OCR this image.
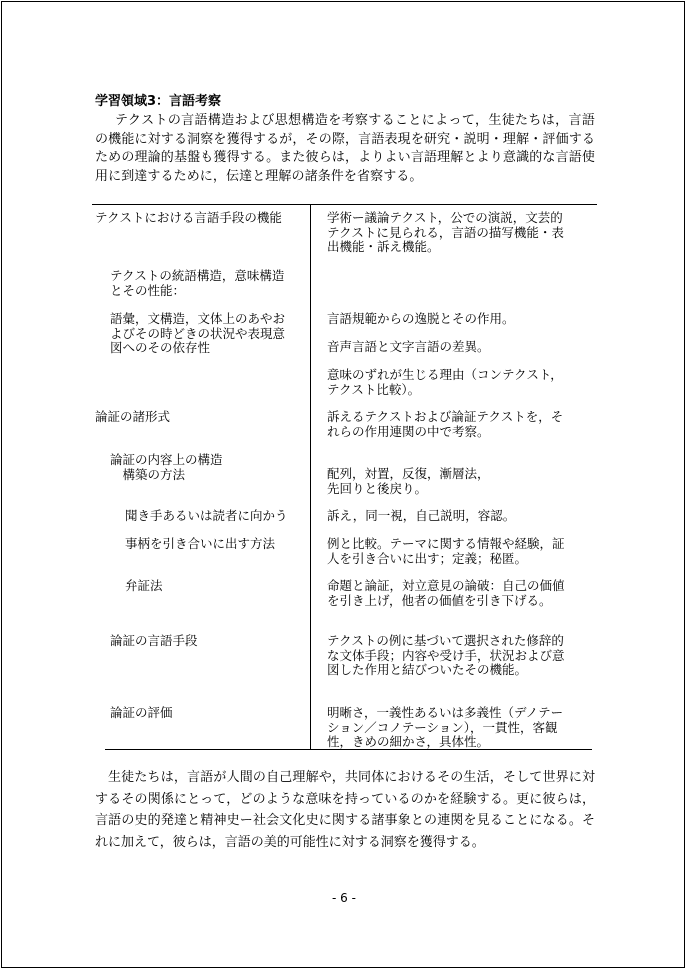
学習領域3：言語考察
テクストの言語構造および思想構造を考察することによって，生徒たちは，言語の機能に対する洞察を獲得するが，その際，言語表現を研究・説明・理解・評価するための理論的基盤も獲得する。また彼らは，よりよい言語理解とより意識的な言語使用に到達するために，伝達と理解の諸条件を省察する。
テクストにおける言語手段の機能
テクストの統語構造，意味構造
とその性能：
語彙，文構造，文体上のあやお
よびその時どきの状況や表現意
図へのその依存性
論証の諸形式
論証の内容上の構造
　構築の方法
聞き手あるいは読者に向かう
事柄を引き合いに出す方法
弁証法
論証の言語手段
論証の評価
学術ー議論テクスト，公での演説，文芸的
テクストに見られる，言語の描写機能・表
出機能・訴え機能。
言語規範からの逸脱とその作用。
音声言語と文字言語の差異。
意味のずれが生じる理由（コンテクスト，
テクスト比較）。
訴えるテクストおよび論証テクストを，そ
れらの作用連関の中で考察。
配列，対置，反復，漸層法，
先回りと後戻り。
訴え，同一視，自己説明，容認。
例と比較。テーマに関する情報や経験，証
人を引き合いに出す；定義；秘匿。
命題と論証，対立意見の論破：自己の価値
を引き上げ，他者の価値を引き下げる。
テクストの例に基づいて選択された修辞的
な文体手段；内容や受け手，状況および意
図した作用と結びついたその機能。
明晰さ，一義性あるいは多義性（デノテー
ション／コノテーション），一貫性，客観
性，きめの細かさ，具体性。
生徒たちは，言語が人間の自己理解や，共同体におけるその生活，そして世界に対するその関係にとって，どのような意味を持っているのかを経験する。更に彼らは，言語の史的発達と精神史ー社会文化史に関する諸事象との連関を見ることになる。それに加えて，彼らは，言語の美的可能性に対する洞察を獲得する。
- 6 -
